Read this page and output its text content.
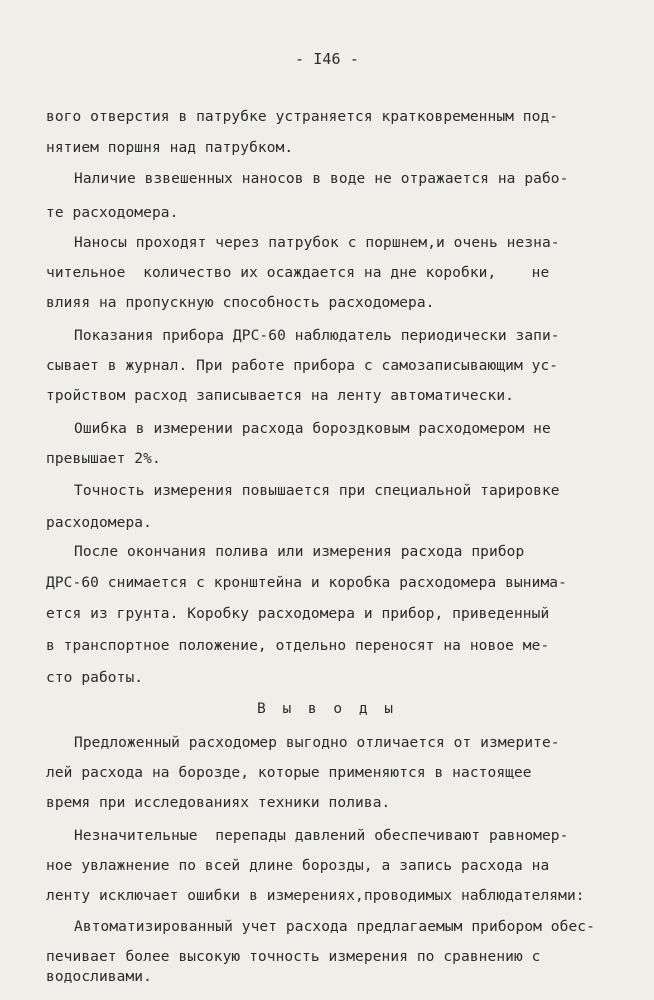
- I46 -
вого отверстия в патрубке устраняется кратковременным под-
нятием поршня над патрубком.
Наличие взвешенных наносов в воде не отражается на рабо-
те расходомера.
Наносы проходят через патрубок с поршнем,и очень незна-
чительное  количество их осаждается на дне коробки,    не
влияя на пропускную способность расходомера.
Показания прибора ДРС-60 наблюдатель периодически запи-
сывает в журнал. При работе прибора с самозаписывающим ус-
тройством расход записывается на ленту автоматически.
Ошибка в измерении расхода бороздковым расходомером не
превышает 2%.
Точность измерения повышается при специальной тарировке
расходомера.
После окончания полива или измерения расхода прибор
ДРС-60 снимается с кронштейна и коробка расходомера вынима-
ется из грунта. Коробку расходомера и прибор, приведенный
в транспортное положение, отдельно переносят на новое ме-
сто работы.
В ы в о д ы
Предложенный расходомер выгодно отличается от измерите-
лей расхода на борозде, которые применяются в настоящее
время при исследованиях техники полива.
Незначительные  перепады давлений обеспечивают равномер-
ное увлажнение по всей длине борозды, а запись расхода на
ленту исключает ошибки в измерениях,проводимых наблюдателями:
Автоматизированный учет расхода предлагаемым прибором обес-
печивает более высокую точность измерения по сравнению с
водосливами.
